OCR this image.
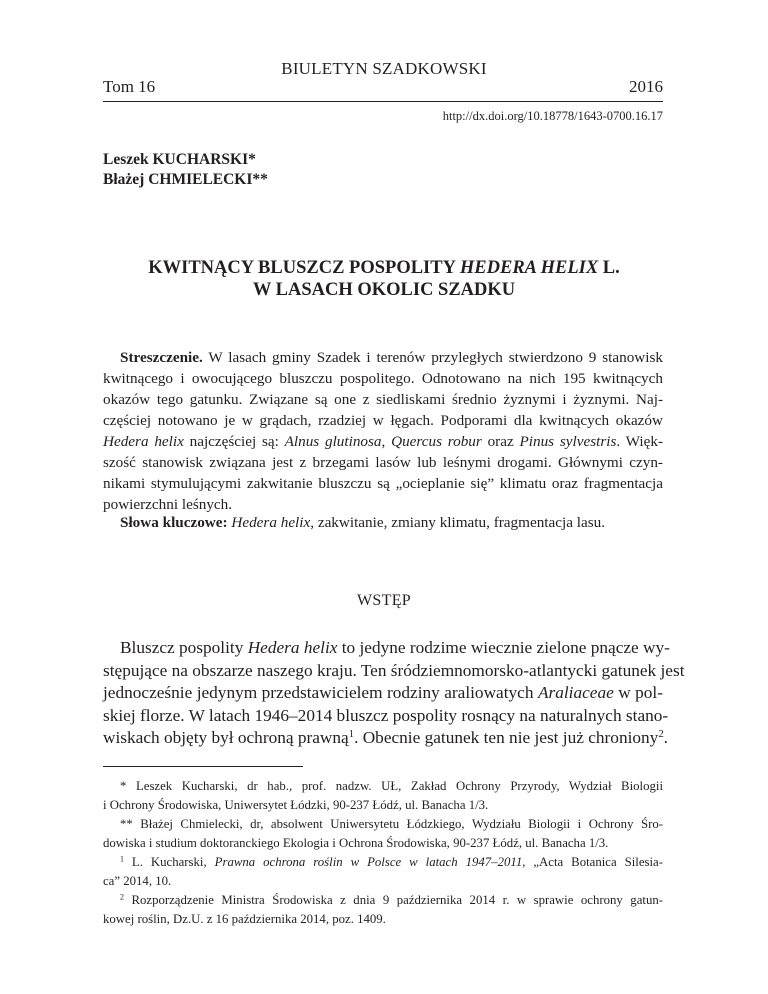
BIULETYN SZADKOWSKI
Tom 16	2016
http://dx.doi.org/10.18778/1643-0700.16.17
Leszek KUCHARSKI*
Błażej CHMIELECKI**
KWITNĄCY BLUSZCZ POSPOLITY HEDERA HELIX L.
W LASACH OKOLIC SZADKU
Streszczenie. W lasach gminy Szadek i terenów przyległych stwierdzono 9 stanowisk
kwitnącego i owocującego bluszczu pospolitego. Odnotowano na nich 195 kwitnących
okazów tego gatunku. Związane są one z siedliskami średnio żyznymi i żyznymi. Naj-
częściej notowano je w grądach, rzadziej w łęgach. Podporami dla kwitnących okazów
Hedera helix najczęściej są: Alnus glutinosa, Quercus robur oraz Pinus sylvestris. Więk-
szość stanowisk związana jest z brzegami lasów lub leśnymi drogami. Głównymi czyn-
nikami stymulującymi zakwitanie bluszczu są „ocieplanie się” klimatu oraz fragmentacja
powierzchni leśnych.
Słowa kluczowe: Hedera helix, zakwitanie, zmiany klimatu, fragmentacja lasu.
WSTĘP
Bluszcz pospolity Hedera helix to jedyne rodzime wiecznie zielone pnącze wy-
stępujące na obszarze naszego kraju. Ten śródziemnomorsko-atlantycki gatunek jest
jednocześnie jedynym przedstawicielem rodziny araliowatych Araliaceae w pol-
skiej florze. W latach 1946–2014 bluszcz pospolity rosnący na naturalnych stano-
wiskach objęty był ochroną prawną$^1$. Obecnie gatunek ten nie jest już chroniony$^2$.
* Leszek Kucharski, dr hab., prof. nadzw. UŁ, Zakład Ochrony Przyrody, Wydział Biologii
i Ochrony Środowiska, Uniwersytet Łódzki, 90-237 Łódź, ul. Banacha 1/3.
** Błażej Chmielecki, dr, absolwent Uniwersytetu Łódzkiego, Wydziału Biologii i Ochrony Śro-
dowiska i studium doktoranckiego Ekologia i Ochrona Środowiska, 90-237 Łódź, ul. Banacha 1/3.
$^1$ L. Kucharski, Prawna ochrona roślin w Polsce w latach 1947–2011, „Acta Botanica Silesia-
ca” 2014, 10.
$^2$ Rozporządzenie Ministra Środowiska z dnia 9 października 2014 r. w sprawie ochrony gatun-
kowej roślin, Dz.U. z 16 października 2014, poz. 1409.
